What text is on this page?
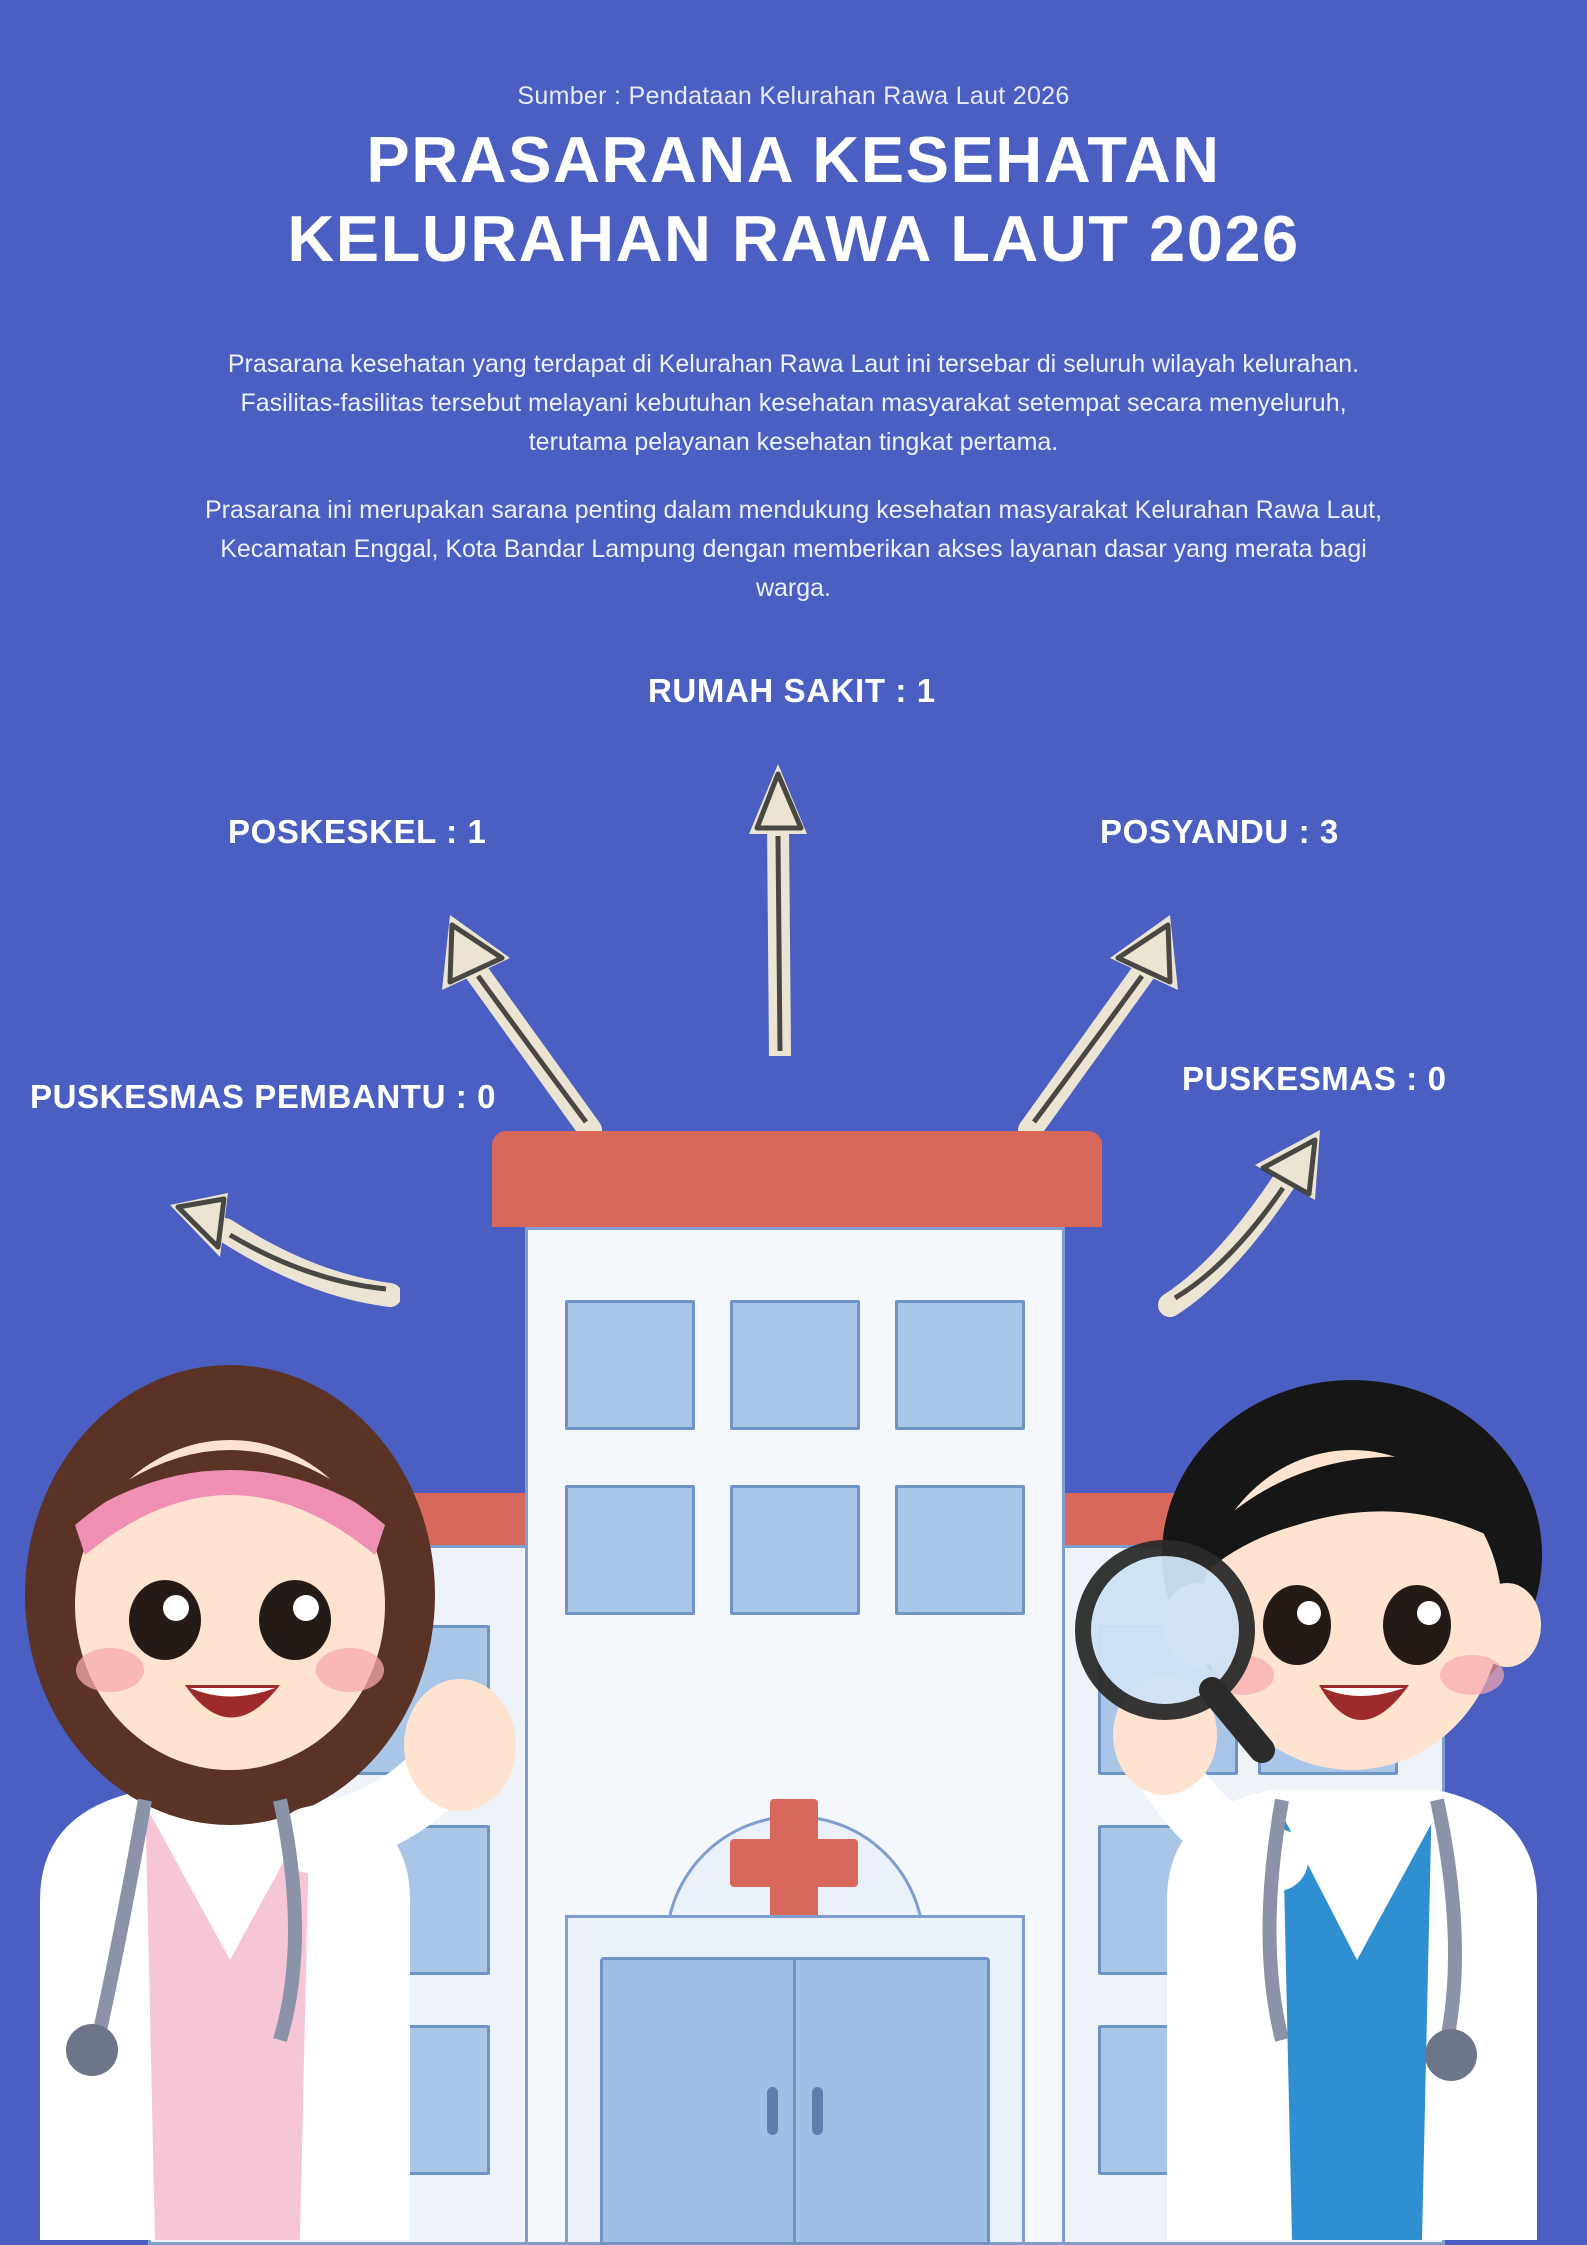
Sumber : Pendataan Kelurahan Rawa Laut 2026
PRASARANA KESEHATAN
KELURAHAN RAWA LAUT 2026

Prasarana kesehatan yang terdapat di Kelurahan Rawa Laut ini tersebar di seluruh wilayah kelurahan. Fasilitas-fasilitas tersebut melayani kebutuhan kesehatan masyarakat setempat secara menyeluruh, terutama pelayanan kesehatan tingkat pertama.

Prasarana ini merupakan sarana penting dalam mendukung kesehatan masyarakat Kelurahan Rawa Laut, Kecamatan Enggal, Kota Bandar Lampung dengan memberikan akses layanan dasar yang merata bagi warga.

RUMAH SAKIT : 1
POSKESKEL : 1	POSYANDU : 3
PUSKESMAS PEMBANTU : 0	PUSKESMAS : 0
